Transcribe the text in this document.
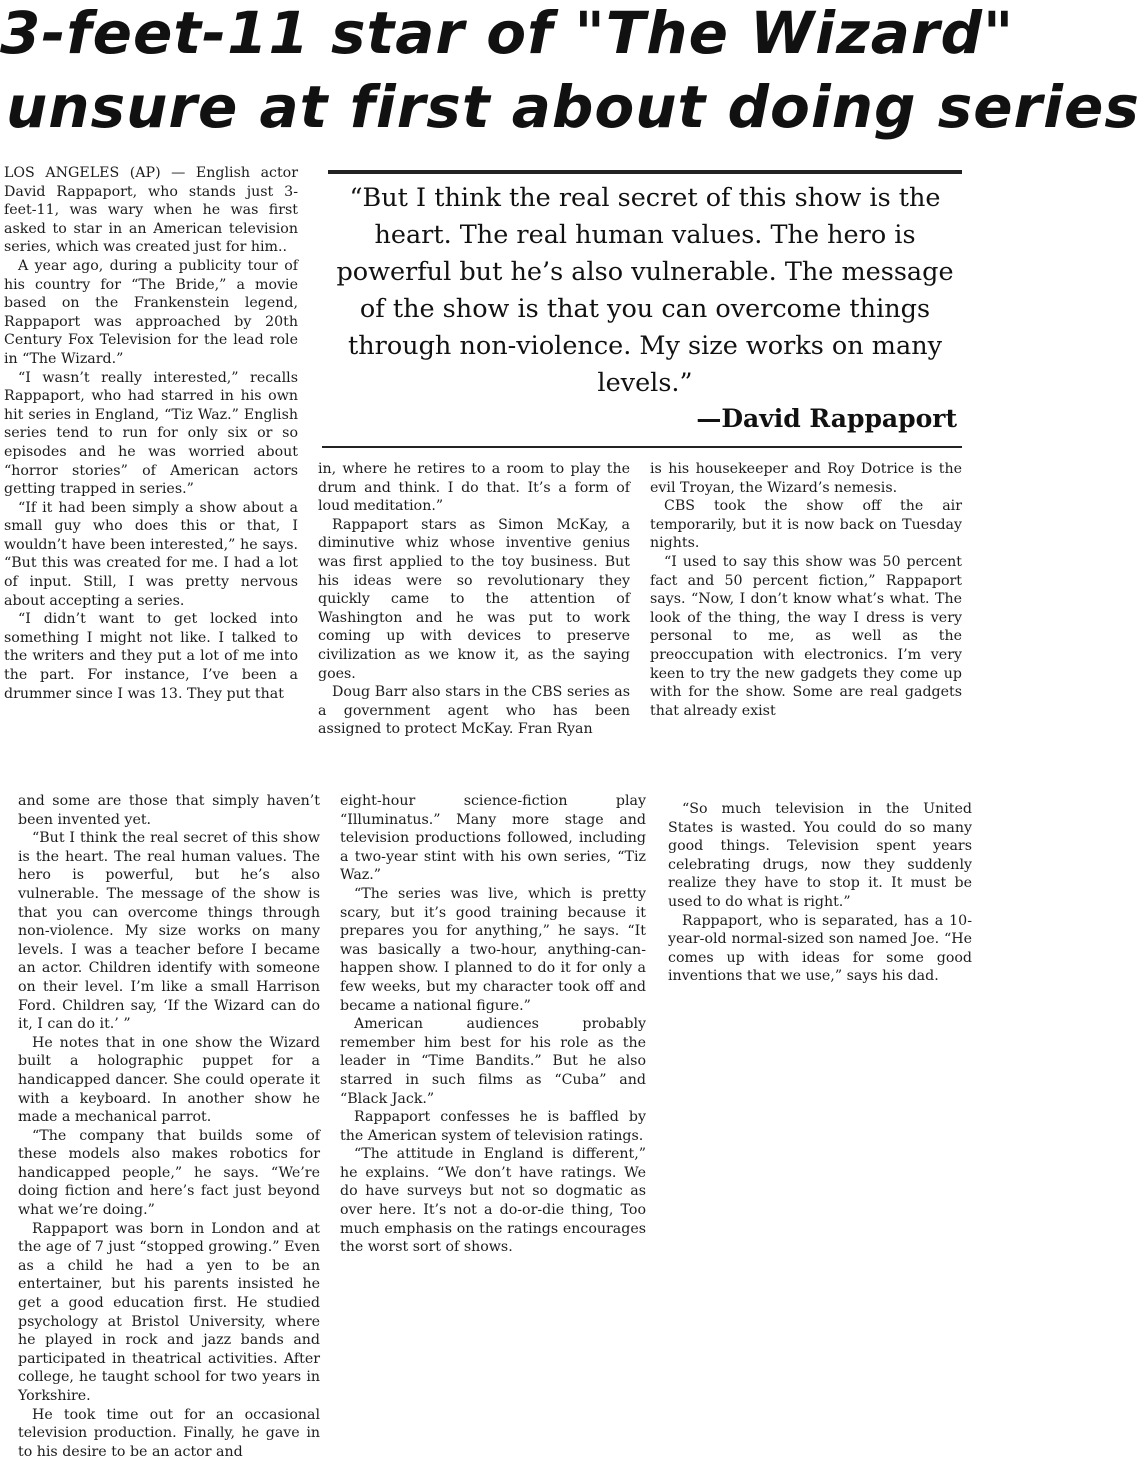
3-feet-11 star of "The Wizard"
unsure at first about doing series
“But I think the real secret of this show is the heart. The real human values. The hero is powerful but he’s also vulnerable. The message of the show is that you can overcome things through non-violence. My size works on many levels.”
—David Rappaport

LOS ANGELES (AP) — English actor David Rappaport, who stands just 3-feet-11, was wary when he was first asked to star in an American television series, which was created just for him..

A year ago, during a publicity tour of his country for “The Bride,” a movie based on the Frankenstein legend, Rappaport was approached by 20th Century Fox Television for the lead role in “The Wizard.”

“I wasn’t really interested,” recalls Rappaport, who had starred in his own hit series in England, “Tiz Waz.” English series tend to run for only six or so episodes and he was worried about “horror stories” of American actors getting trapped in series.”

“If it had been simply a show about a small guy who does this or that, I wouldn’t have been interested,” he says. “But this was created for me. I had a lot of input. Still, I was pretty nervous about accepting a series.

“I didn’t want to get locked into something I might not like. I talked to the writers and they put a lot of me into the part. For instance, I’ve been a drummer since I was 13. They put that

in, where he retires to a room to play the drum and think. I do that. It’s a form of loud meditation.”

Rappaport stars as Simon McKay, a diminutive whiz whose inventive genius was first applied to the toy business. But his ideas were so revolutionary they quickly came to the attention of Washington and he was put to work coming up with devices to preserve civilization as we know it, as the saying goes.

Doug Barr also stars in the CBS series as a government agent who has been assigned to protect McKay. Fran Ryan

is his housekeeper and Roy Dotrice is the evil Troyan, the Wizard’s nemesis.

CBS took the show off the air temporarily, but it is now back on Tuesday nights.

“I used to say this show was 50 percent fact and 50 percent fiction,” Rappaport says. “Now, I don’t know what’s what. The look of the thing, the way I dress is very personal to me, as well as the preoccupation with electronics. I’m very keen to try the new gadgets they come up with for the show. Some are real gadgets that already exist

and some are those that simply haven’t been invented yet.

“But I think the real secret of this show is the heart. The real human values. The hero is powerful, but he’s also vulnerable. The message of the show is that you can overcome things through non-violence. My size works on many levels. I was a teacher before I became an actor. Children identify with someone on their level. I’m like a small Harrison Ford. Children say, ‘If the Wizard can do it, I can do it.’ ”

He notes that in one show the Wizard built a holographic puppet for a handicapped dancer. She could operate it with a keyboard. In another show he made a mechanical parrot.

“The company that builds some of these models also makes robotics for handicapped people,” he says. “We’re doing fiction and here’s fact just beyond what we’re doing.”

Rappaport was born in London and at the age of 7 just “stopped growing.” Even as a child he had a yen to be an entertainer, but his parents insisted he get a good education first. He studied psychology at Bristol University, where he played in rock and jazz bands and participated in theatrical activities. After college, he taught school for two years in Yorkshire.

He took time out for an occasional television production. Finally, he gave in to his desire to be an actor and

eight-hour science-fiction play “Illuminatus.” Many more stage and television productions followed, including a two-year stint with his own series, “Tiz Waz.”

“The series was live, which is pretty scary, but it’s good training because it prepares you for anything,” he says. “It was basically a two-hour, anything-can-happen show. I planned to do it for only a few weeks, but my character took off and became a national figure.”

American audiences probably remember him best for his role as the leader in “Time Bandits.” But he also starred in such films as “Cuba” and “Black Jack.”

Rappaport confesses he is baffled by the American system of television ratings.

“The attitude in England is different,” he explains. “We don’t have ratings. We do have surveys but not so dogmatic as over here. It’s not a do-or-die thing, Too much emphasis on the ratings encourages the worst sort of shows.

“So much television in the United States is wasted. You could do so many good things. Television spent years celebrating drugs, now they suddenly realize they have to stop it. It must be used to do what is right.”

Rappaport, who is separated, has a 10-year-old normal-sized son named Joe. “He comes up with ideas for some good inventions that we use,” says his dad.
